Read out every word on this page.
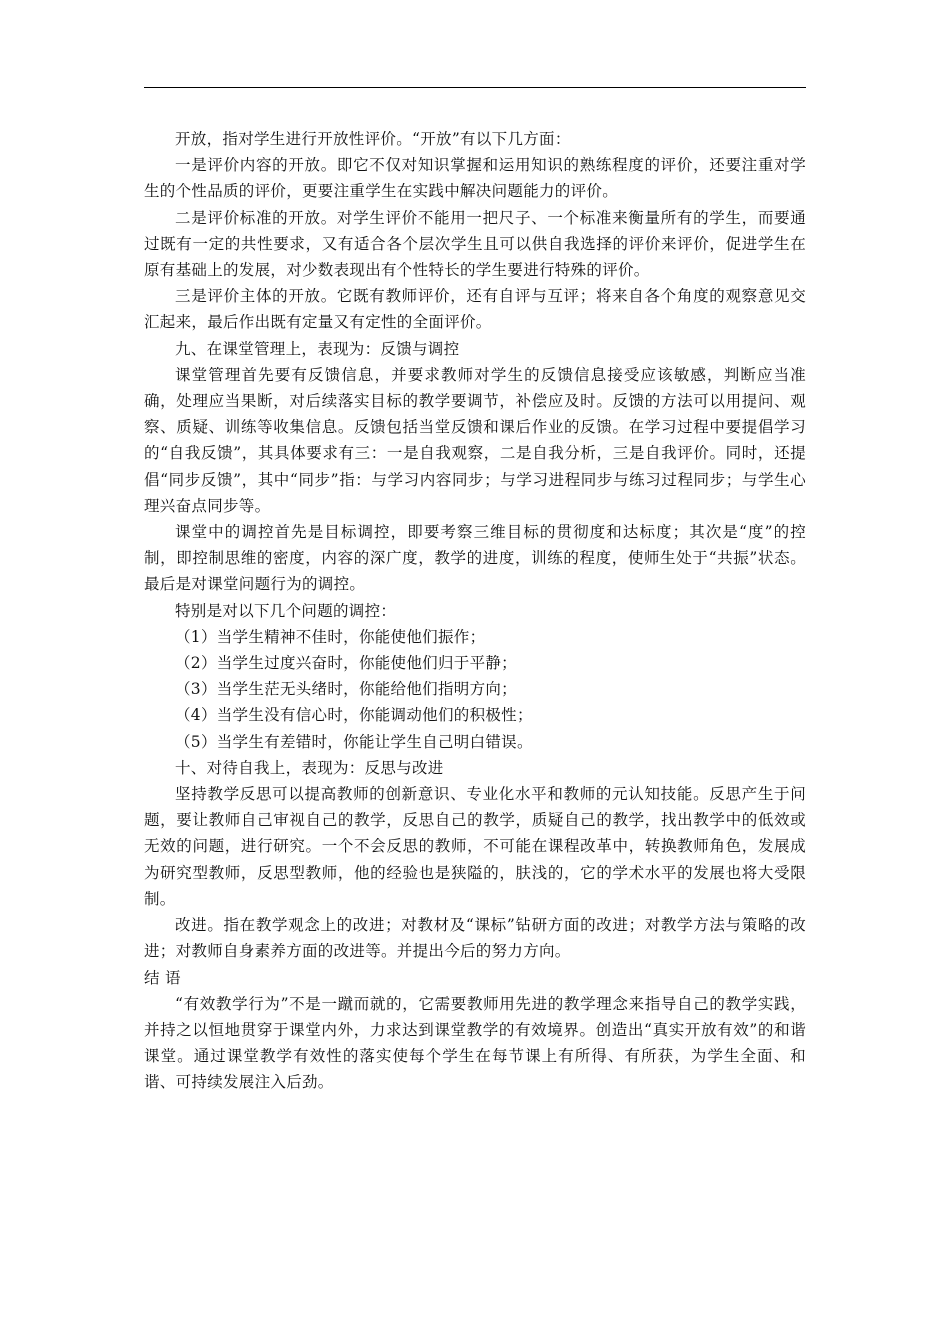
开放，指对学生进行开放性评价。“开放”有以下几方面：

一是评价内容的开放。即它不仅对知识掌握和运用知识的熟练程度的评价，还要注重对学生的个性品质的评价，更要注重学生在实践中解决问题能力的评价。

二是评价标准的开放。对学生评价不能用一把尺子、一个标准来衡量所有的学生，而要通过既有一定的共性要求，又有适合各个层次学生且可以供自我选择的评价来评价，促进学生在原有基础上的发展，对少数表现出有个性特长的学生要进行特殊的评价。

三是评价主体的开放。它既有教师评价，还有自评与互评；将来自各个角度的观察意见交汇起来，最后作出既有定量又有定性的全面评价。

九、在课堂管理上，表现为：反馈与调控

课堂管理首先要有反馈信息，并要求教师对学生的反馈信息接受应该敏感，判断应当准确，处理应当果断，对后续落实目标的教学要调节，补偿应及时。反馈的方法可以用提问、观察、质疑、训练等收集信息。反馈包括当堂反馈和课后作业的反馈。在学习过程中要提倡学习的“自我反馈”，其具体要求有三：一是自我观察，二是自我分析，三是自我评价。同时，还提倡“同步反馈”，其中“同步”指：与学习内容同步；与学习进程同步与练习过程同步；与学生心理兴奋点同步等。

课堂中的调控首先是目标调控，即要考察三维目标的贯彻度和达标度；其次是“度”的控制，即控制思维的密度，内容的深广度，教学的进度，训练的程度，使师生处于“共振”状态。最后是对课堂问题行为的调控。

特别是对以下几个问题的调控：

（1）当学生精神不佳时，你能使他们振作；

（2）当学生过度兴奋时，你能使他们归于平静；

（3）当学生茫无头绪时，你能给他们指明方向；

（4）当学生没有信心时，你能调动他们的积极性；

（5）当学生有差错时，你能让学生自己明白错误。

十、对待自我上，表现为：反思与改进

坚持教学反思可以提高教师的创新意识、专业化水平和教师的元认知技能。反思产生于问题，要让教师自己审视自己的教学，反思自己的教学，质疑自己的教学，找出教学中的低效或无效的问题，进行研究。一个不会反思的教师，不可能在课程改革中，转换教师角色，发展成为研究型教师，反思型教师，他的经验也是狭隘的，肤浅的，它的学术水平的发展也将大受限制。

改进。指在教学观念上的改进；对教材及“课标”钻研方面的改进；对教学方法与策略的改进；对教师自身素养方面的改进等。并提出今后的努力方向。

结 语

“有效教学行为”不是一蹴而就的，它需要教师用先进的教学理念来指导自己的教学实践，并持之以恒地贯穿于课堂内外，力求达到课堂教学的有效境界。创造出“真实开放有效”的和谐课堂。通过课堂教学有效性的落实使每个学生在每节课上有所得、有所获，为学生全面、和谐、可持续发展注入后劲。
